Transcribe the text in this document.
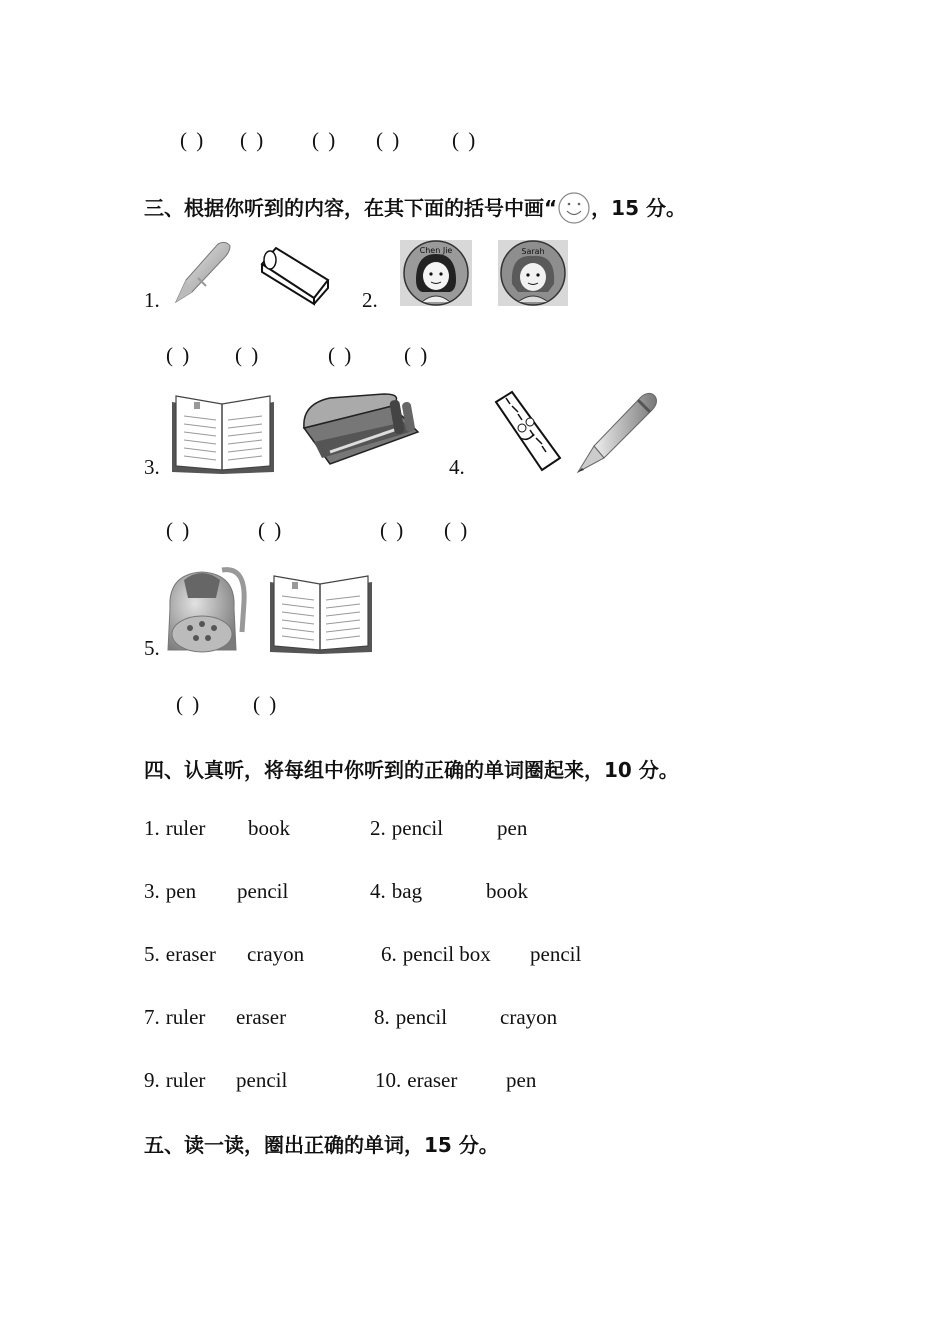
( ) ( ) ( ) ( ) ( )
三、根据你听到的内容，在其下面的括号中画“ ，15 分。
1.	2.
Chen Jie	Sarah
( ) ( )	( ) ( )
3.	4.
( )	( )	( ) ( )
5.
( ) ( )
四、认真听，将每组中你听到的正确的单词圈起来，10 分。
1. ruler book	2. pencil	pen
3. pen pencil	4. bag	book
5. eraser crayon	6. pencil box pencil
7. ruler eraser	8. pencil	crayon
9. ruler pencil	10. eraser pen
五、读一读，圈出正确的单词，15 分。
